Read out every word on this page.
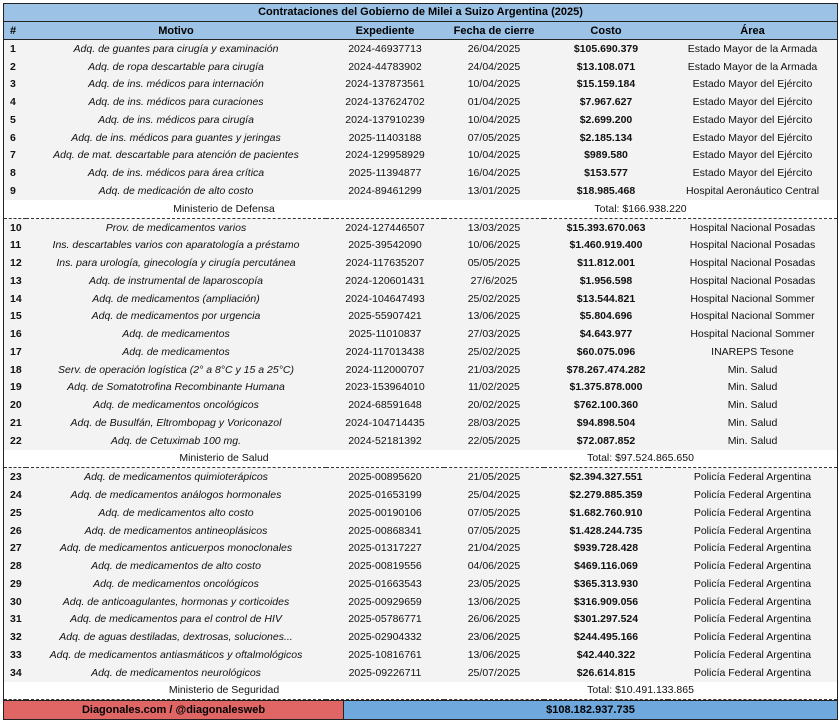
Contrataciones del Gobierno de Milei a Suizo Argentina (2025)
#	Motivo	Expediente	Fecha de cierre	Costo	Área
1	Adq. de guantes para cirugía y examinación	2024-46937713	26/04/2025	$105.690.379	Estado Mayor de la Armada
2	Adq. de ropa descartable para cirugía	2024-44783902	24/04/2025	$13.108.071	Estado Mayor de la Armada
3	Adq. de ins. médicos para internación	2024-137873561	10/04/2025	$15.159.184	Estado Mayor del Ejército
4	Adq. de ins. médicos para curaciones	2024-137624702	01/04/2025	$7.967.627	Estado Mayor del Ejército
5	Adq. de ins. médicos para cirugía	2024-137910239	10/04/2025	$2.699.200	Estado Mayor del Ejército
6	Adq. de ins. médicos para guantes y jeringas	2025-11403188	07/05/2025	$2.185.134	Estado Mayor del Ejército
7	Adq. de mat. descartable para atención de pacientes	2024-129958929	10/04/2025	$989.580	Estado Mayor del Ejército
8	Adq. de ins. médicos para área crítica	2025-11394877	16/04/2025	$153.577	Estado Mayor del Ejército
9	Adq. de medicación de alto costo	2024-89461299	13/01/2025	$18.985.468	Hospital Aeronáutico Central
Ministerio de Defensa			Total: $166.938.220		
10	Prov. de medicamentos varios	2024-127446507	13/03/2025	$15.393.670.063	Hospital Nacional Posadas
11	Ins. descartables varios con aparatología a préstamo	2025-39542090	10/06/2025	$1.460.919.400	Hospital Nacional Posadas
12	Ins. para urología, ginecología y cirugía percutánea	2024-117635207	05/05/2025	$11.812.001	Hospital Nacional Posadas
13	Adq. de instrumental de laparoscopía	2024-120601431	27/6/2025	$1.956.598	Hospital Nacional Posadas
14	Adq. de medicamentos (ampliación)	2024-104647493	25/02/2025	$13.544.821	Hospital Nacional Sommer
15	Adq. de medicamentos por urgencia	2025-55907421	13/06/2025	$5.804.696	Hospital Nacional Sommer
16	Adq. de medicamentos	2025-11010837	27/03/2025	$4.643.977	Hospital Nacional Sommer
17	Adq. de medicamentos	2024-117013438	25/02/2025	$60.075.096	INAREPS Tesone
18	Serv. de operación logística (2° a 8°C y 15 a 25°C)	2024-112000707	21/03/2025	$78.267.474.282	Min. Salud
19	Adq. de Somatotrofina Recombinante Humana	2023-153964010	11/02/2025	$1.375.878.000	Min. Salud
20	Adq. de medicamentos oncológicos	2024-68591648	20/02/2025	$762.100.360	Min. Salud
21	Adq. de Busulfán, Eltrombopag y Voriconazol	2024-104714435	28/03/2025	$94.898.504	Min. Salud
22	Adq. de Cetuximab 100 mg.	2024-52181392	22/05/2025	$72.087.852	Min. Salud
Ministerio de Salud			Total: $97.524.865.650		
23	Adq. de medicamentos quimioterápicos	2025-00895620	21/05/2025	$2.394.327.551	Policía Federal Argentina
24	Adq. de medicamentos análogos hormonales	2025-01653199	25/04/2025	$2.279.885.359	Policía Federal Argentina
25	Adq. de medicamentos alto costo	2025-00190106	07/05/2025	$1.682.760.910	Policía Federal Argentina
26	Adq. de medicamentos antineoplásicos	2025-00868341	07/05/2025	$1.428.244.735	Policía Federal Argentina
27	Adq. de medicamentos anticuerpos monoclonales	2025-01317227	21/04/2025	$939.728.428	Policía Federal Argentina
28	Adq. de medicamentos de alto costo	2025-00819556	04/06/2025	$469.116.069	Policía Federal Argentina
29	Adq. de medicamentos oncológicos	2025-01663543	23/05/2025	$365.313.930	Policía Federal Argentina
30	Adq. de anticoagulantes, hormonas y corticoides	2025-00929659	13/06/2025	$316.909.056	Policía Federal Argentina
31	Adq. de medicamentos para el control de HIV	2025-05786771	26/06/2025	$301.297.524	Policía Federal Argentina
32	Adq. de aguas destiladas, dextrosas, soluciones...	2025-02904332	23/06/2025	$244.495.166	Policía Federal Argentina
33	Adq. de medicamentos antiasmáticos y oftalmológicos	2025-10816761	13/06/2025	$42.440.322	Policía Federal Argentina
34	Adq. de medicamentos neurológicos	2025-09226711	25/07/2025	$26.614.815	Policía Federal Argentina
Ministerio de Seguridad			Total: $10.491.133.865		
Diagonales.com / @diagonalesweb	$108.182.937.735
